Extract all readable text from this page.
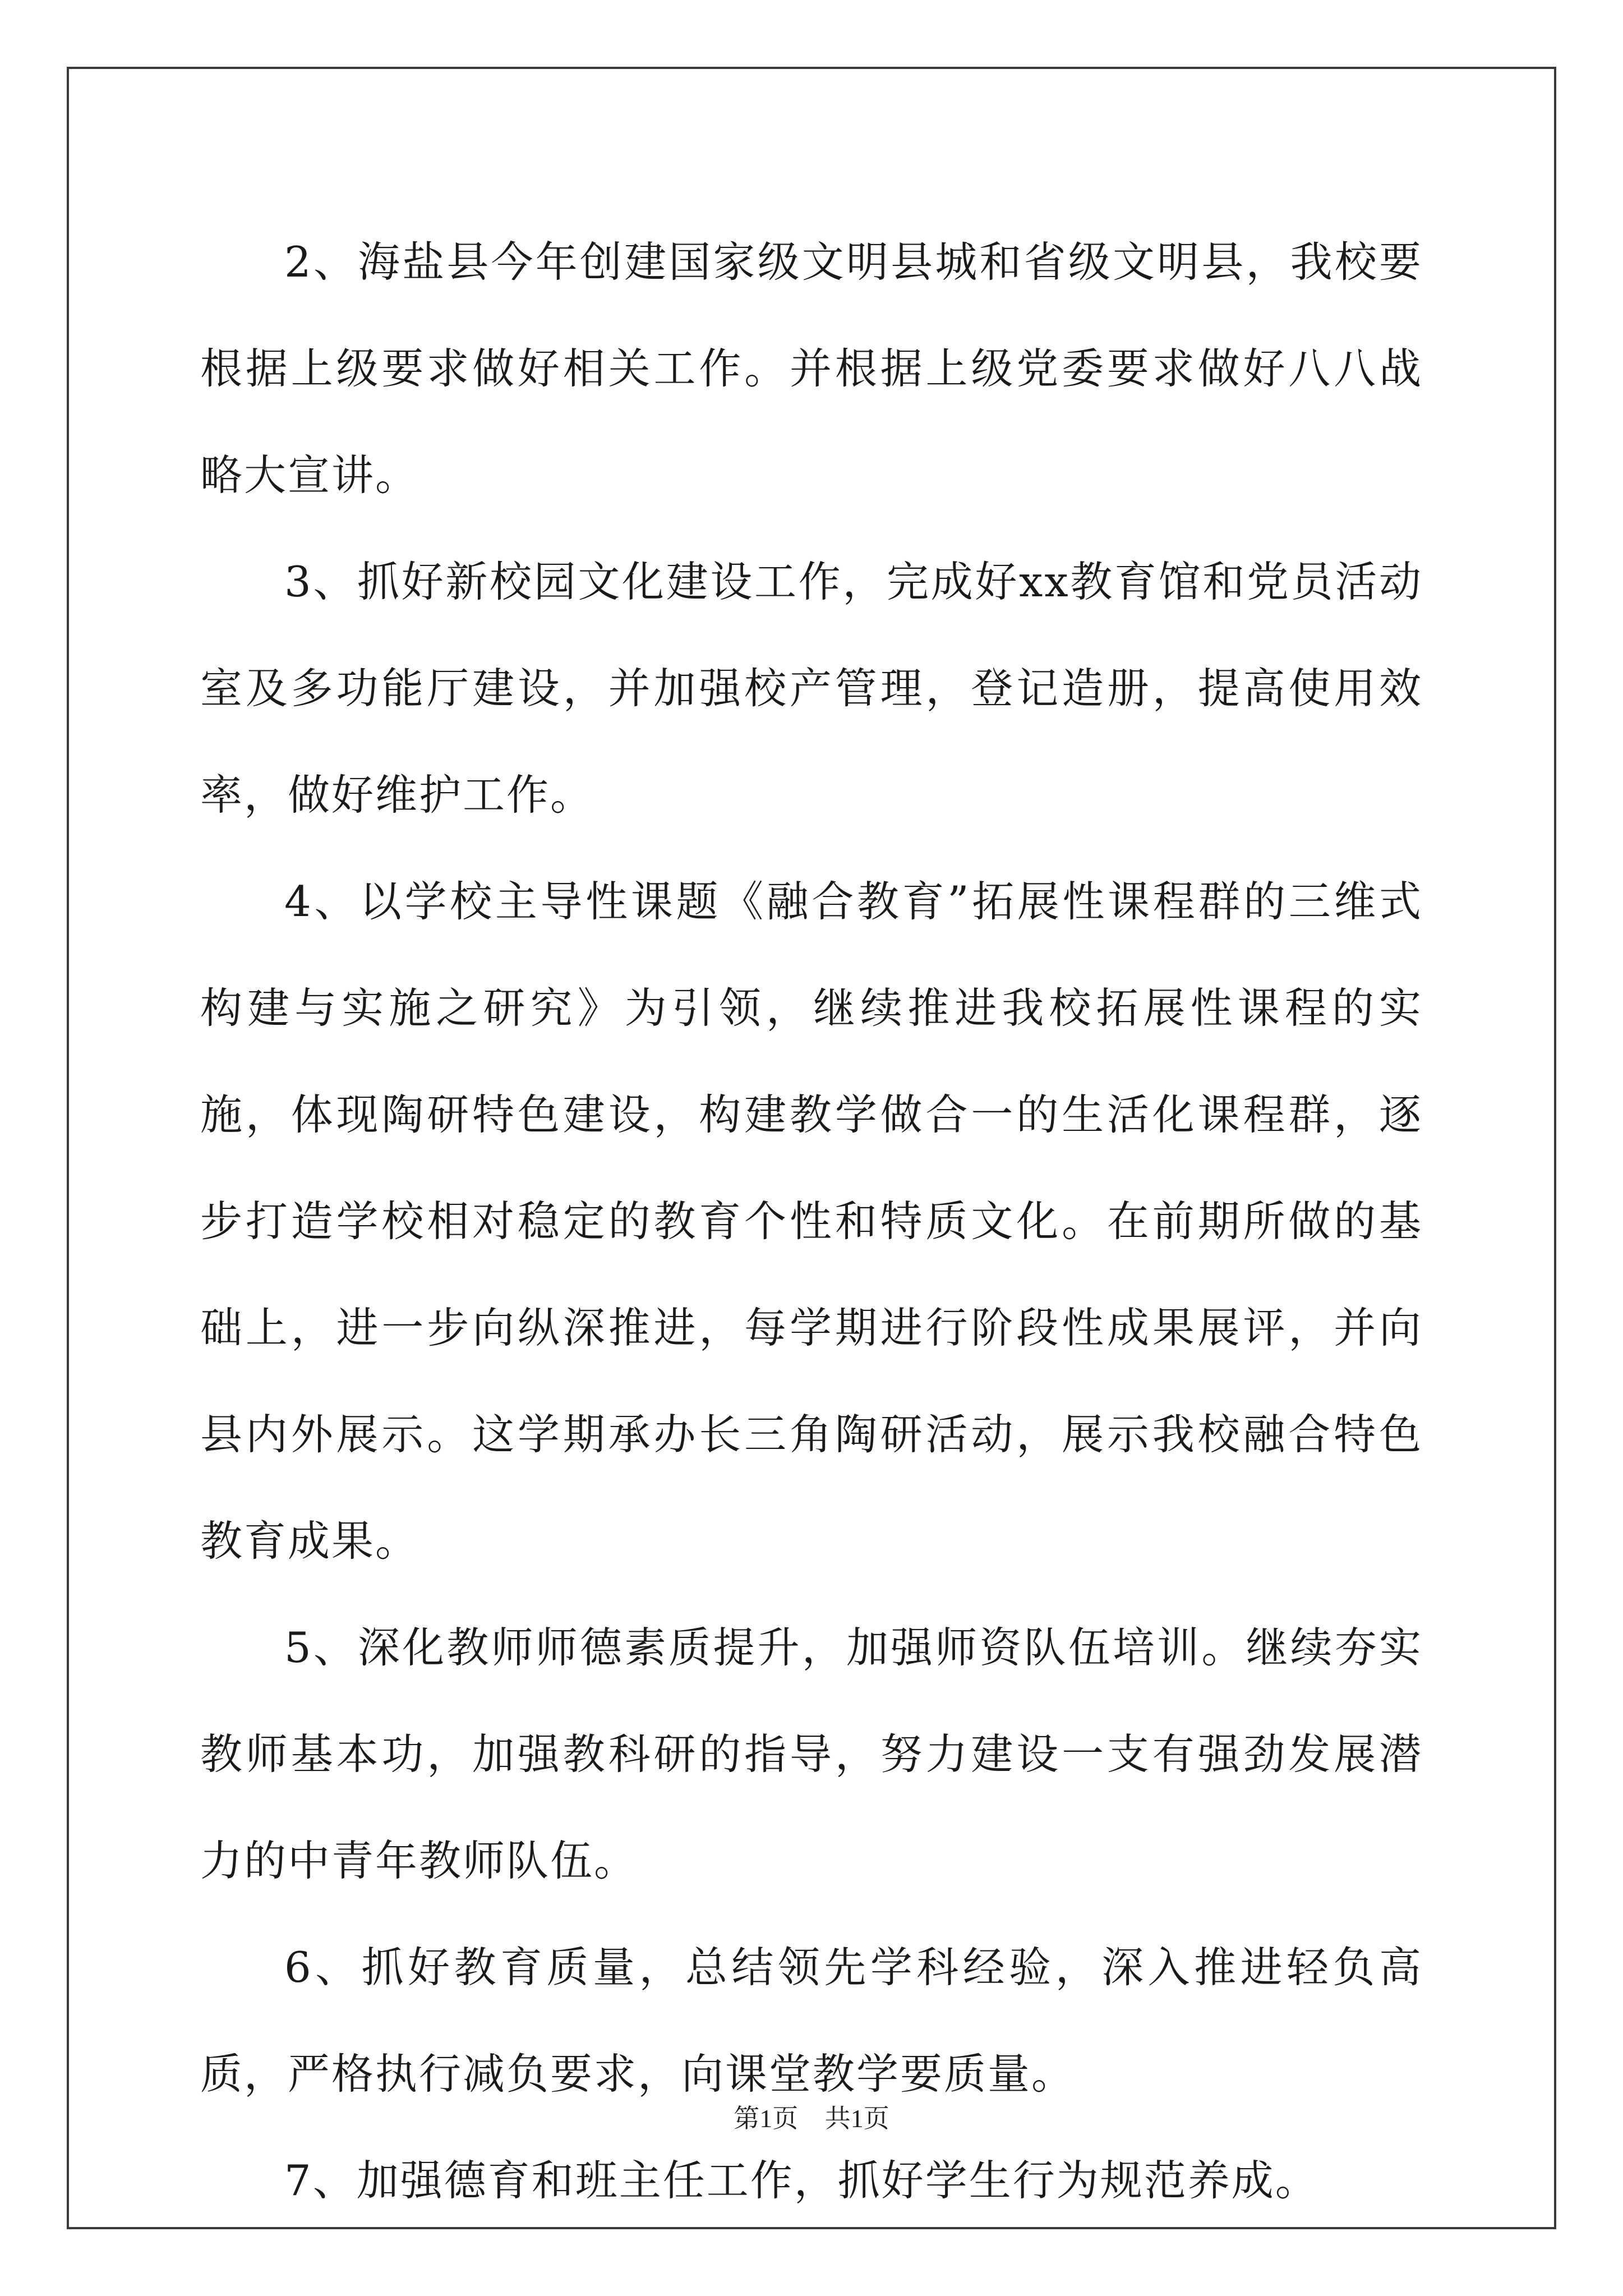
2、海盐县今年创建国家级文明县城和省级文明县，我校要根据上级要求做好相关工作。并根据上级党委要求做好八八战略大宣讲。

3、抓好新校园文化建设工作，完成好xx教育馆和党员活动室及多功能厅建设，并加强校产管理，登记造册，提高使用效率，做好维护工作。

4、以学校主导性课题《融合教育”拓展性课程群的三维式构建与实施之研究》为引领，继续推进我校拓展性课程的实施，体现陶研特色建设，构建教学做合一的生活化课程群，逐步打造学校相对稳定的教育个性和特质文化。在前期所做的基础上，进一步向纵深推进，每学期进行阶段性成果展评，并向县内外展示。这学期承办长三角陶研活动，展示我校融合特色教育成果。

5、深化教师师德素质提升，加强师资队伍培训。继续夯实教师基本功，加强教科研的指导，努力建设一支有强劲发展潜力的中青年教师队伍。

6、抓好教育质量，总结领先学科经验，深入推进轻负高质，严格执行减负要求，向课堂教学要质量。

7、加强德育和班主任工作，抓好学生行为规范养成。

第1页 共1页
